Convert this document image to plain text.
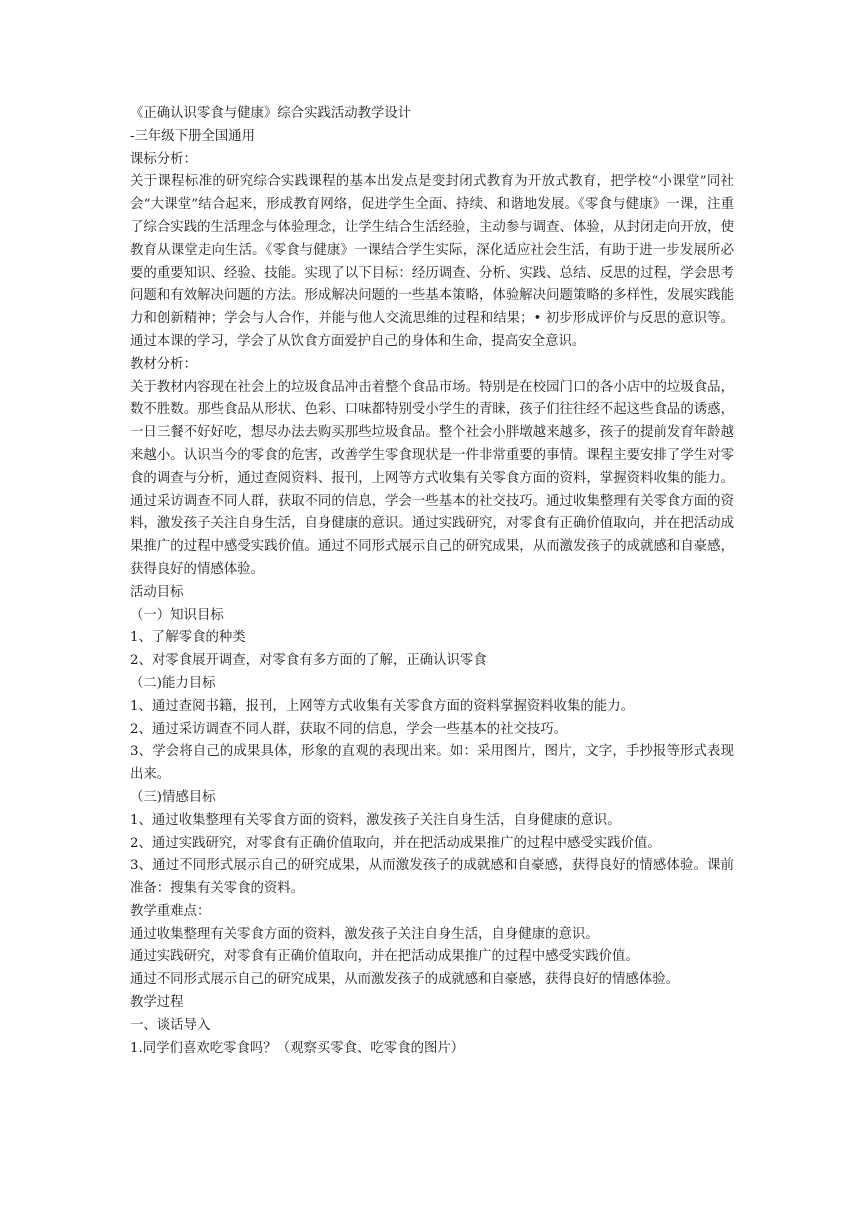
《正确认识零食与健康》综合实践活动教学设计
-三年级下册全国通用
课标分析：
关于课程标准的研究综合实践课程的基本出发点是变封闭式教育为开放式教育，把学校“小课堂”同社会“大课堂”结合起来，形成教育网络，促进学生全面、持续、和谐地发展。《零食与健康》一课，注重了综合实践的生活理念与体验理念，让学生结合生活经验，主动参与调查、体验，从封闭走向开放，使教育从课堂走向生活。《零食与健康》一课结合学生实际，深化适应社会生活，有助于进一步发展所必要的重要知识、经验、技能。实现了以下目标：经历调查、分析、实践、总结、反思的过程，学会思考问题和有效解决问题的方法。形成解决问题的一些基本策略，体验解决问题策略的多样性，发展实践能力和创新精神；学会与人合作，并能与他人交流思维的过程和结果；• 初步形成评价与反思的意识等。通过本课的学习，学会了从饮食方面爱护自己的身体和生命，提高安全意识。
教材分析：
关于教材内容现在社会上的垃圾食品冲击着整个食品市场。特别是在校园门口的各小店中的垃圾食品，数不胜数。那些食品从形状、色彩、口味都特别受小学生的青睐，孩子们往往经不起这些食品的诱惑，一日三餐不好好吃，想尽办法去购买那些垃圾食品。整个社会小胖墩越来越多，孩子的提前发育年龄越来越小。认识当今的零食的危害，改善学生零食现状是一件非常重要的事情。课程主要安排了学生对零食的调查与分析，通过查阅资料、报刊，上网等方式收集有关零食方面的资料，掌握资料收集的能力。通过采访调查不同人群，获取不同的信息，学会一些基本的社交技巧。通过收集整理有关零食方面的资料，激发孩子关注自身生活，自身健康的意识。通过实践研究，对零食有正确价值取向，并在把活动成果推广的过程中感受实践价值。通过不同形式展示自己的研究成果，从而激发孩子的成就感和自豪感，获得良好的情感体验。
活动目标
（一）知识目标
1、了解零食的种类
2、对零食展开调查，对零食有多方面的了解，正确认识零食
（二)能力目标
1、通过查阅书籍，报刊，上网等方式收集有关零食方面的资料掌握资料收集的能力。
2、通过采访调查不同人群，获取不同的信息，学会一些基本的社交技巧。
3、学会将自己的成果具体，形象的直观的表现出来。如：采用图片，图片，文字，手抄报等形式表现出来。
（三)情感目标
1、通过收集整理有关零食方面的资料，激发孩子关注自身生活，自身健康的意识。
2、通过实践研究，对零食有正确价值取向，并在把活动成果推广的过程中感受实践价值。
3、通过不同形式展示自己的研究成果，从而激发孩子的成就感和自豪感，获得良好的情感体验。课前准备：搜集有关零食的资料。
教学重难点：
通过收集整理有关零食方面的资料，激发孩子关注自身生活，自身健康的意识。
通过实践研究，对零食有正确价值取向，并在把活动成果推广的过程中感受实践价值。
通过不同形式展示自己的研究成果，从而激发孩子的成就感和自豪感，获得良好的情感体验。
教学过程
一、谈话导入
1.同学们喜欢吃零食吗？（观察买零食、吃零食的图片）
